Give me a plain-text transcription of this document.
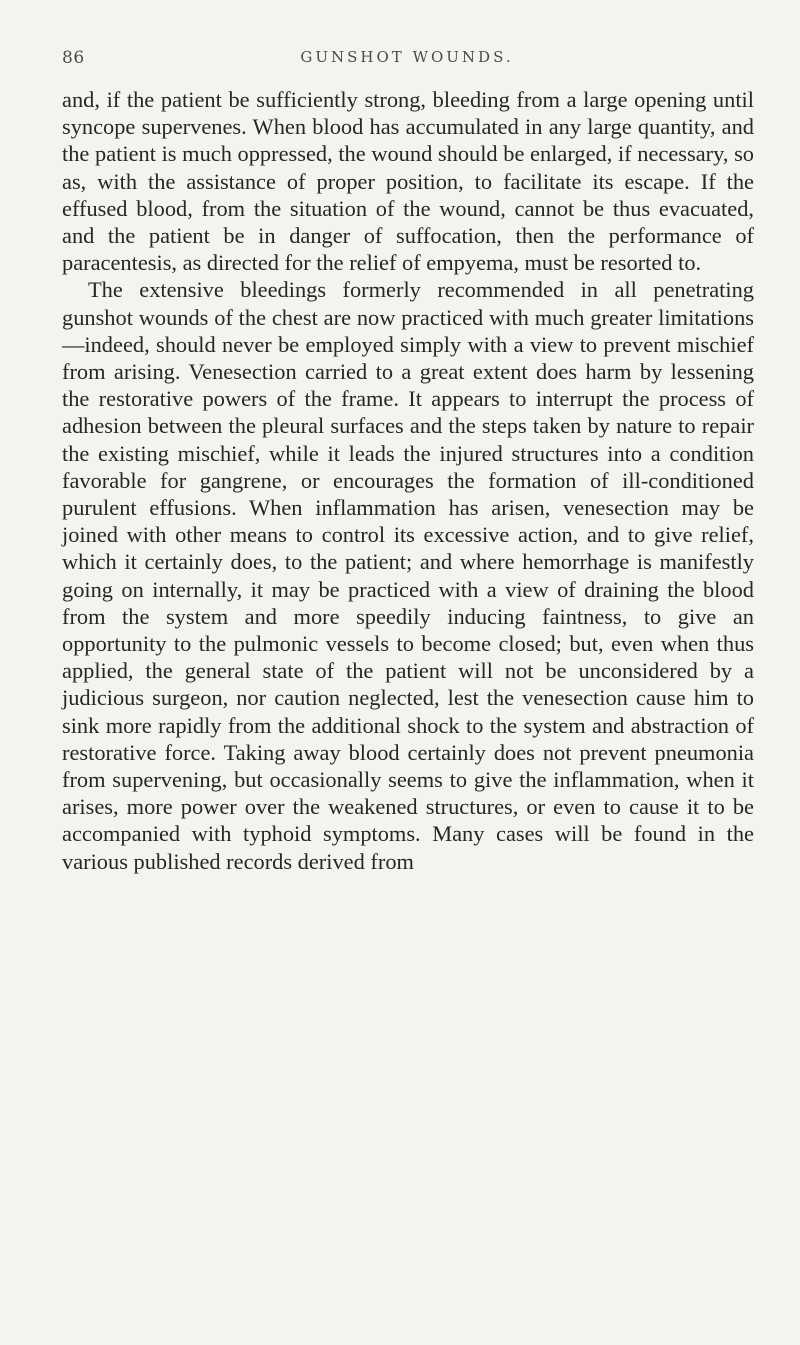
86	GUNSHOT WOUNDS.

and, if the patient be sufficiently strong, bleeding from a large opening until syncope supervenes. When blood has accumulated in any large quantity, and the patient is much oppressed, the wound should be enlarged, if necessary, so as, with the assistance of proper position, to facilitate its escape. If the effused blood, from the situation of the wound, cannot be thus evacuated, and the patient be in danger of suffocation, then the performance of paracentesis, as directed for the relief of empyema, must be resorted to.

The extensive bleedings formerly recommended in all penetrating gunshot wounds of the chest are now practiced with much greater limitations—indeed, should never be employed simply with a view to prevent mischief from arising. Venesection carried to a great extent does harm by lessening the restorative powers of the frame. It appears to interrupt the process of adhesion between the pleural surfaces and the steps taken by nature to repair the existing mischief, while it leads the injured structures into a condition favorable for gangrene, or encourages the formation of ill-conditioned purulent effusions. When inflammation has arisen, venesection may be joined with other means to control its excessive action, and to give relief, which it certainly does, to the patient; and where hemorrhage is manifestly going on internally, it may be practiced with a view of draining the blood from the system and more speedily inducing faintness, to give an opportunity to the pulmonic vessels to become closed; but, even when thus applied, the general state of the patient will not be unconsidered by a judicious surgeon, nor caution neglected, lest the venesection cause him to sink more rapidly from the additional shock to the system and abstraction of restorative force. Taking away blood certainly does not prevent pneumonia from supervening, but occasionally seems to give the inflammation, when it arises, more power over the weakened structures, or even to cause it to be accompanied with typhoid symptoms. Many cases will be found in the various published records derived from
